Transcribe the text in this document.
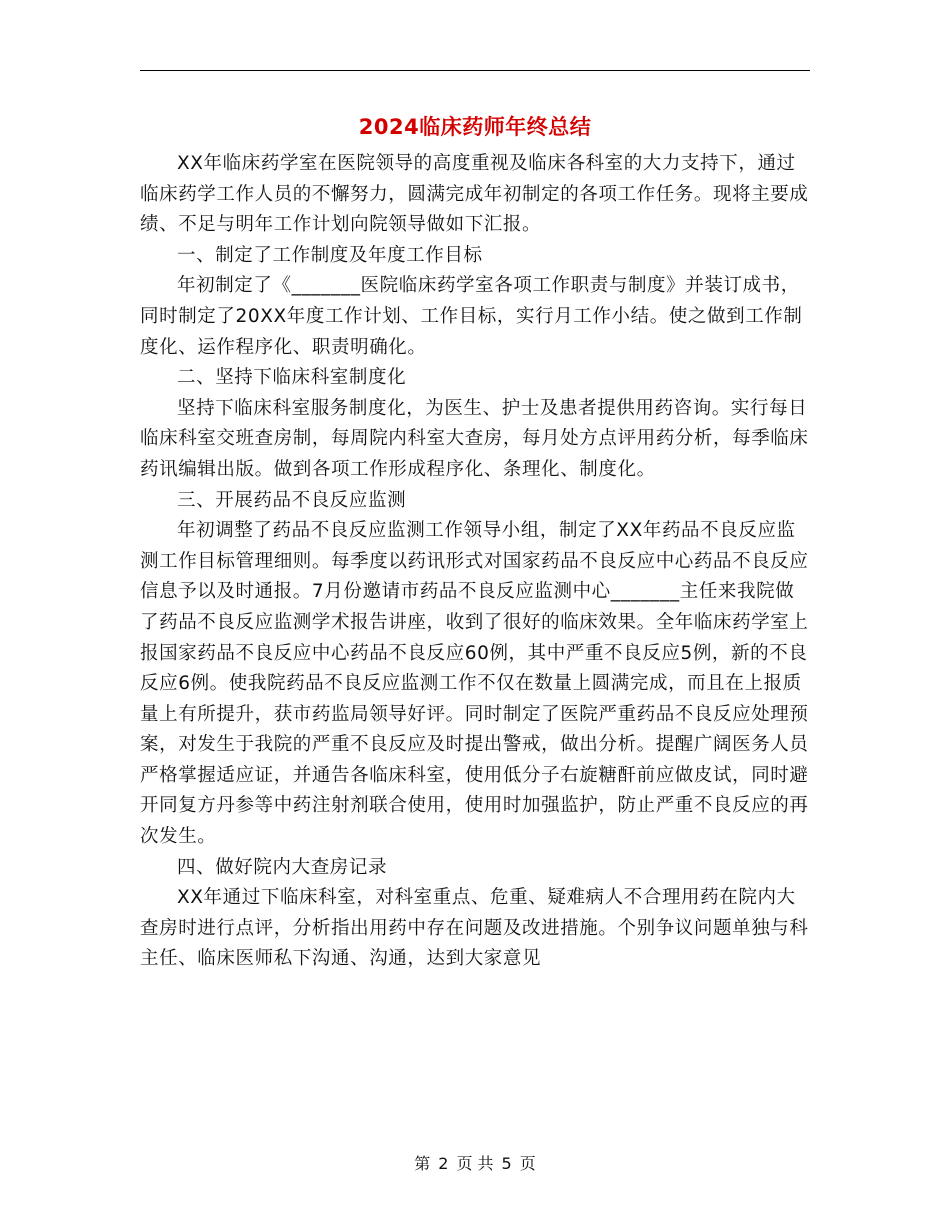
2024临床药师年终总结

XX年临床药学室在医院领导的高度重视及临床各科室的大力支持下，通过临床药学工作人员的不懈努力，圆满完成年初制定的各项工作任务。现将主要成绩、不足与明年工作计划向院领导做如下汇报。

一、制定了工作制度及年度工作目标

年初制定了《_______医院临床药学室各项工作职责与制度》并装订成书，同时制定了20XX年度工作计划、工作目标，实行月工作小结。使之做到工作制度化、运作程序化、职责明确化。

二、坚持下临床科室制度化

坚持下临床科室服务制度化，为医生、护士及患者提供用药咨询。实行每日临床科室交班查房制，每周院内科室大查房，每月处方点评用药分析，每季临床药讯编辑出版。做到各项工作形成程序化、条理化、制度化。

三、开展药品不良反应监测

年初调整了药品不良反应监测工作领导小组，制定了XX年药品不良反应监测工作目标管理细则。每季度以药讯形式对国家药品不良反应中心药品不良反应信息予以及时通报。7月份邀请市药品不良反应监测中心_______主任来我院做了药品不良反应监测学术报告讲座，收到了很好的临床效果。全年临床药学室上报国家药品不良反应中心药品不良反应60例，其中严重不良反应5例，新的不良反应6例。使我院药品不良反应监测工作不仅在数量上圆满完成，而且在上报质量上有所提升，获市药监局领导好评。同时制定了医院严重药品不良反应处理预案，对发生于我院的严重不良反应及时提出警戒，做出分析。提醒广阔医务人员严格掌握适应证，并通告各临床科室，使用低分子右旋糖酐前应做皮试，同时避开同复方丹参等中药注射剂联合使用，使用时加强监护，防止严重不良反应的再次发生。

四、做好院内大查房记录

XX年通过下临床科室，对科室重点、危重、疑难病人不合理用药在院内大查房时进行点评，分析指出用药中存在问题及改进措施。个别争议问题单独与科主任、临床医师私下沟通、沟通，达到大家意见

第 2 页 共 5 页
